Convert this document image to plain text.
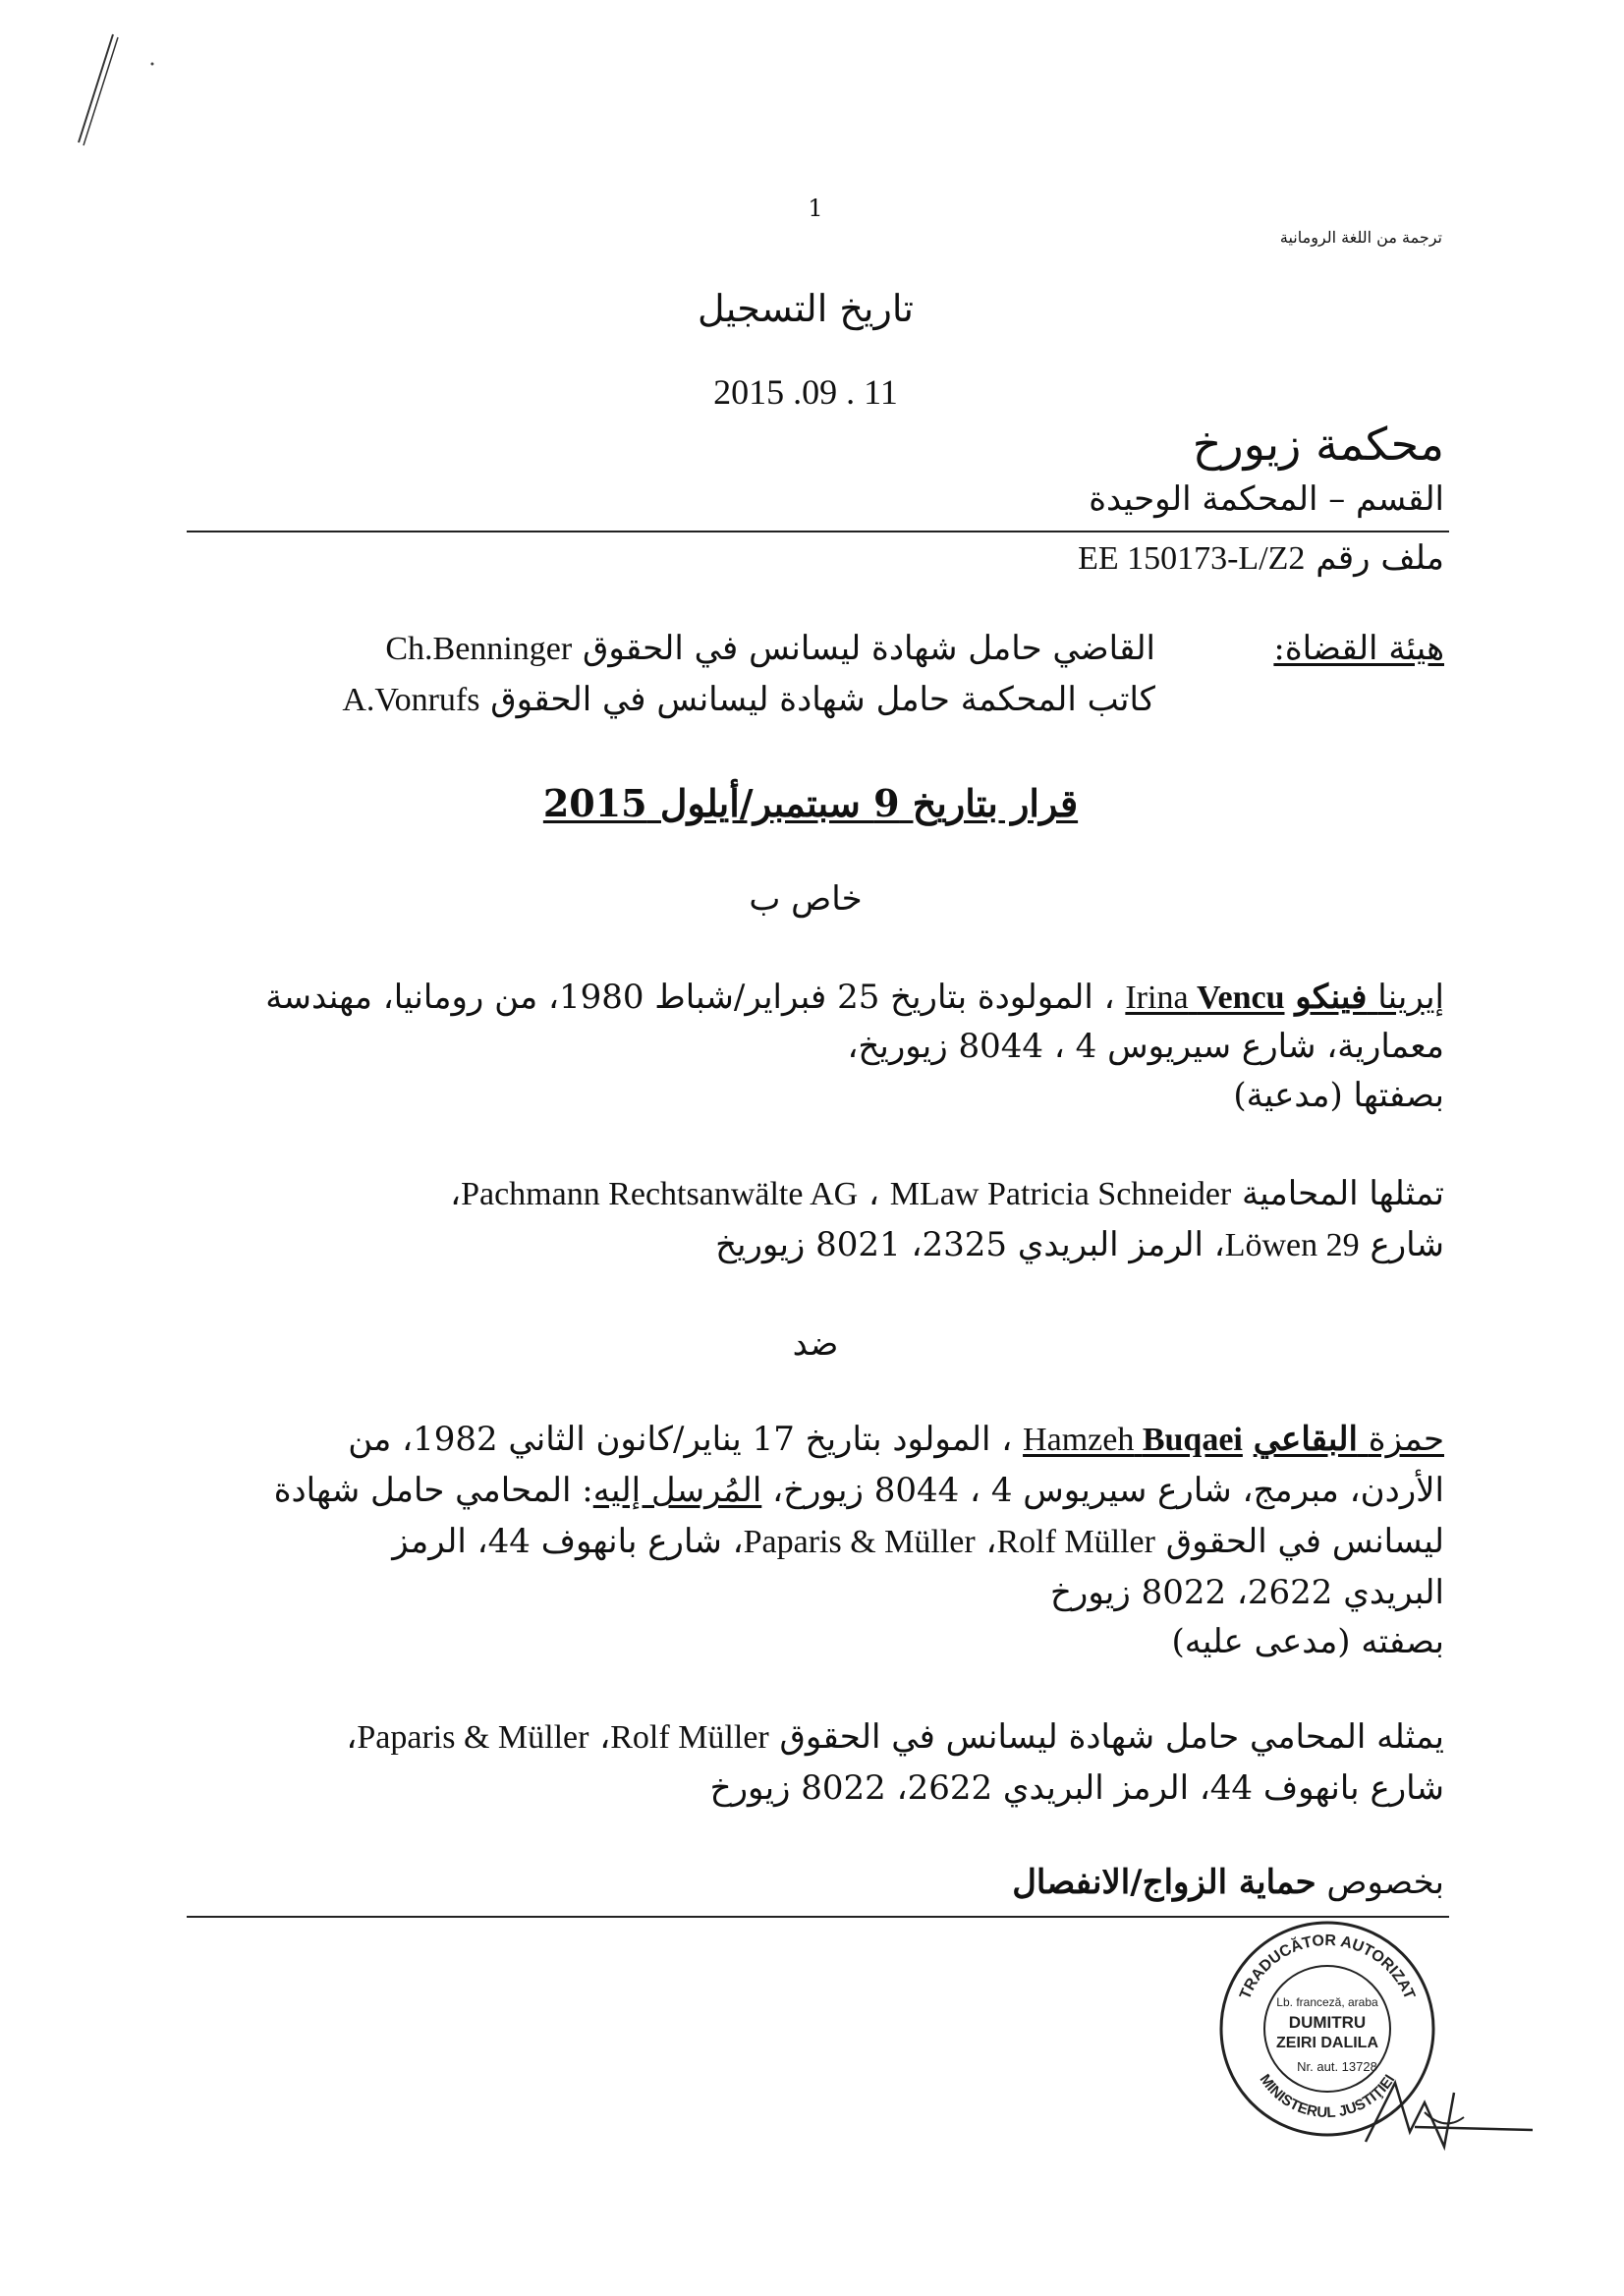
1
ترجمة من اللغة الرومانية
تاريخ التسجيل
2015 .09 . 11
محكمة زيورخ
القسم – المحكمة الوحيدة
ملف رقم EE 150173-L/Z2
هيئة القضاة:
القاضي حامل شهادة ليسانس في الحقوق Ch.Benninger
كاتب المحكمة حامل شهادة ليسانس في الحقوق A.Vonrufs
قرار بتاريخ 9 سبتمبر/أيلول 2015
خاص ب
إيرينا فينكو Irina Vencu ، المولودة بتاريخ 25 فبراير/شباط 1980، من رومانيا، مهندسة
معمارية، شارع سيريوس 4 ، 8044 زيوريخ،
بصفتها (مدعية)
تمثلها المحامية MLaw Patricia Schneider ، Pachmann Rechtsanwälte AG،
شارع Löwen 29، الرمز البريدي 2325، 8021 زيوريخ
ضد
حمزة البقاعي Hamzeh Buqaei ، المولود بتاريخ 17 يناير/كانون الثاني 1982، من
الأردن، مبرمج، شارع سيريوس 4 ، 8044 زيورخ، المُرسل إليه: المحامي حامل شهادة
ليسانس في الحقوق Rolf Müller، Paparis & Müller، شارع بانهوف 44، الرمز
البريدي 2622، 8022 زيورخ
بصفته (مدعى عليه)
يمثله المحامي حامل شهادة ليسانس في الحقوق Rolf Müller، Paparis & Müller،
شارع بانهوف 44، الرمز البريدي 2622، 8022 زيورخ
بخصوص حماية الزواج/الانفصال
TRADUCĂTOR AUTORIZAT
MINISTERUL JUSTIŢIEI
Lb. franceză, araba
DUMITRU
ZEIRI DALILA
Nr. aut. 13728
